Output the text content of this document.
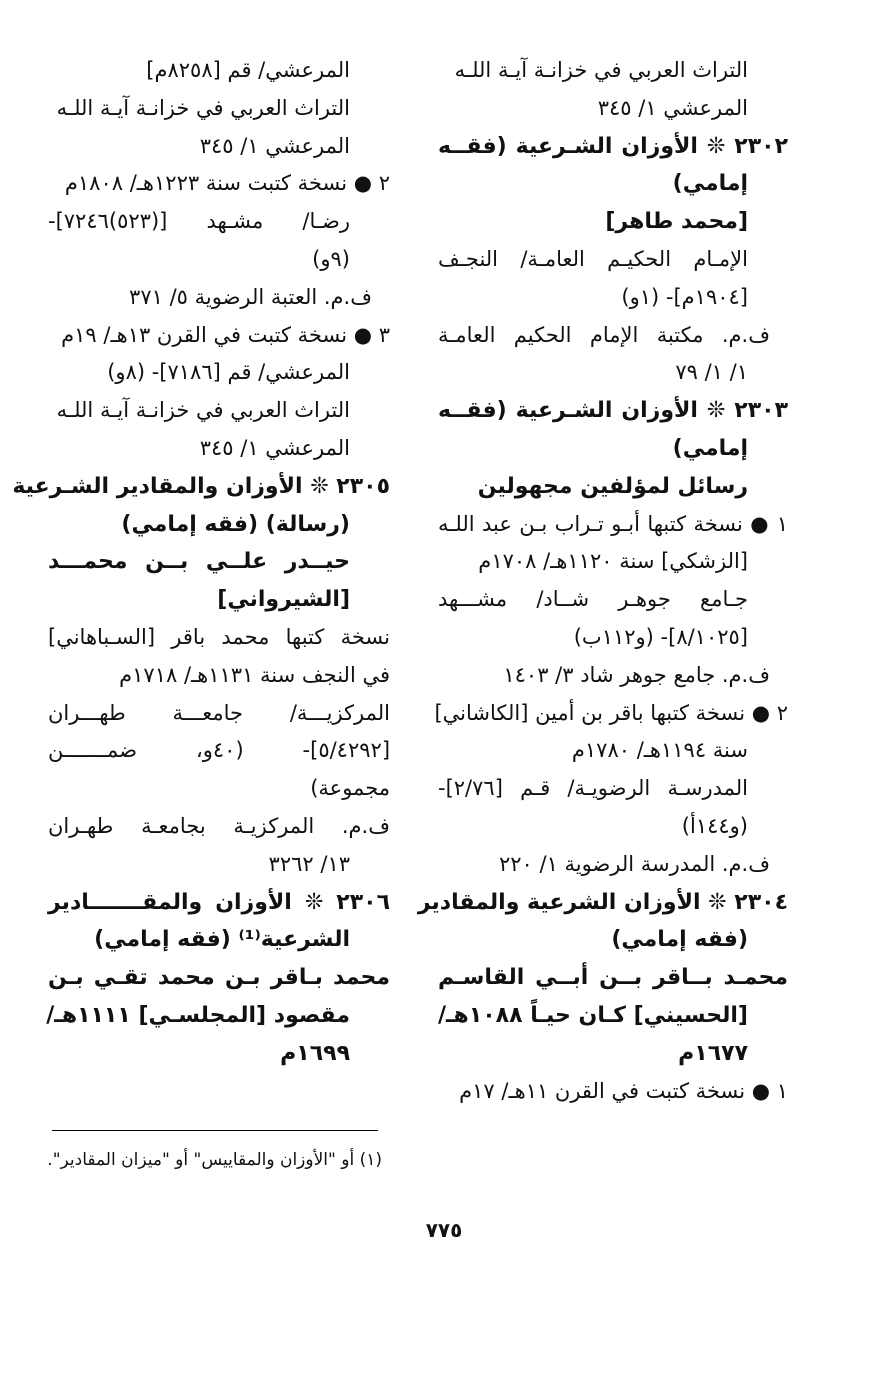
التراث العربي في خزانـة آيـة اللـه
المرعشي ١/ ٣٤٥
٢٣٠٢ ❊ الأوزان الشـرعية (فقــه
إمامي)
[محمد طاهر]
الإمـام الحكيـم العامـة/ النجـف
[١٩٠٤م]- (١و)
ف.م. مكتبة الإمام الحكيم العامـة
١/ ١/ ٧٩
٢٣٠٣ ❊ الأوزان الشـرعية (فقــه
إمامي)
رسائل لمؤلفين مجهولين
١ ● نسخة كتبها أبـو تـراب بـن عبد اللـه
[الزشكي] سنة ١١٢٠هـ/ ١٧٠٨م
جـامع جوهـر شــاد/ مشـــهد
[٨/١٠٢٥]- (و١١٢ب)
ف.م. جامع جوهر شاد ٣/ ١٤٠٣
٢ ● نسخة كتبها باقر بن أمين [الكاشاني]
سنة ١١٩٤هـ/ ١٧٨٠م
المدرسـة الرضويـة/ قـم [٢/٧٦]-
(و١٤٤أ)
ف.م. المدرسة الرضوية ١/ ٢٢٠
٢٣٠٤ ❊ الأوزان الشرعية والمقادير
(فقه إمامي)
محمـد بــاقر بــن أبــي القاسـم
[الحسيني] كـان حيـاً ١٠٨٨هـ/
١٦٧٧م
١ ● نسخة كتبت في القرن ١١هـ/ ١٧م
المرعشي/ قم [٨٢٥٨م]
التراث العربي في خزانـة آيـة اللـه
المرعشي ١/ ٣٤٥
٢ ● نسخة كتبت سنة ١٢٢٣هـ/ ١٨٠٨م
رضـا/ مشـهد [(٥٢٣)٧٢٤٦]-
(٩و)
ف.م. العتبة الرضوية ٥/ ٣٧١
٣ ● نسخة كتبت في القرن ١٣هـ/ ١٩م
المرعشي/ قم [٧١٨٦]- (٨و)
التراث العربي في خزانـة آيـة اللـه
المرعشي ١/ ٣٤٥
٢٣٠٥ ❊ الأوزان والمقادير الشـرعية
(رسالة) (فقه إمامي)
حيــدر علــي بــن محمـــد
[الشيرواني]
نسخة كتبها محمد باقر [السـباهاني]
في النجف سنة ١١٣١هـ/ ١٧١٨م
المركزيـــة/ جامعـــة طهـــران
[٥/٤٢٩٢]- (٤٠و، ضمـــــــن
مجموعة)
ف.م. المركزيـة بجامعـة طهـران
١٣/ ٣٢٦٢
٢٣٠٦ ❊ الأوزان والمقـــــــادير
الشرعية⁽¹⁾ (فقه إمامي)
محمد بـاقر بـن محمد تقـي بـن
مقصود [المجلسـي] ١١١١هـ/
١٦٩٩م
(١) أو "الأوزان والمقاييس" أو "ميزان المقادير".
٧٧٥
